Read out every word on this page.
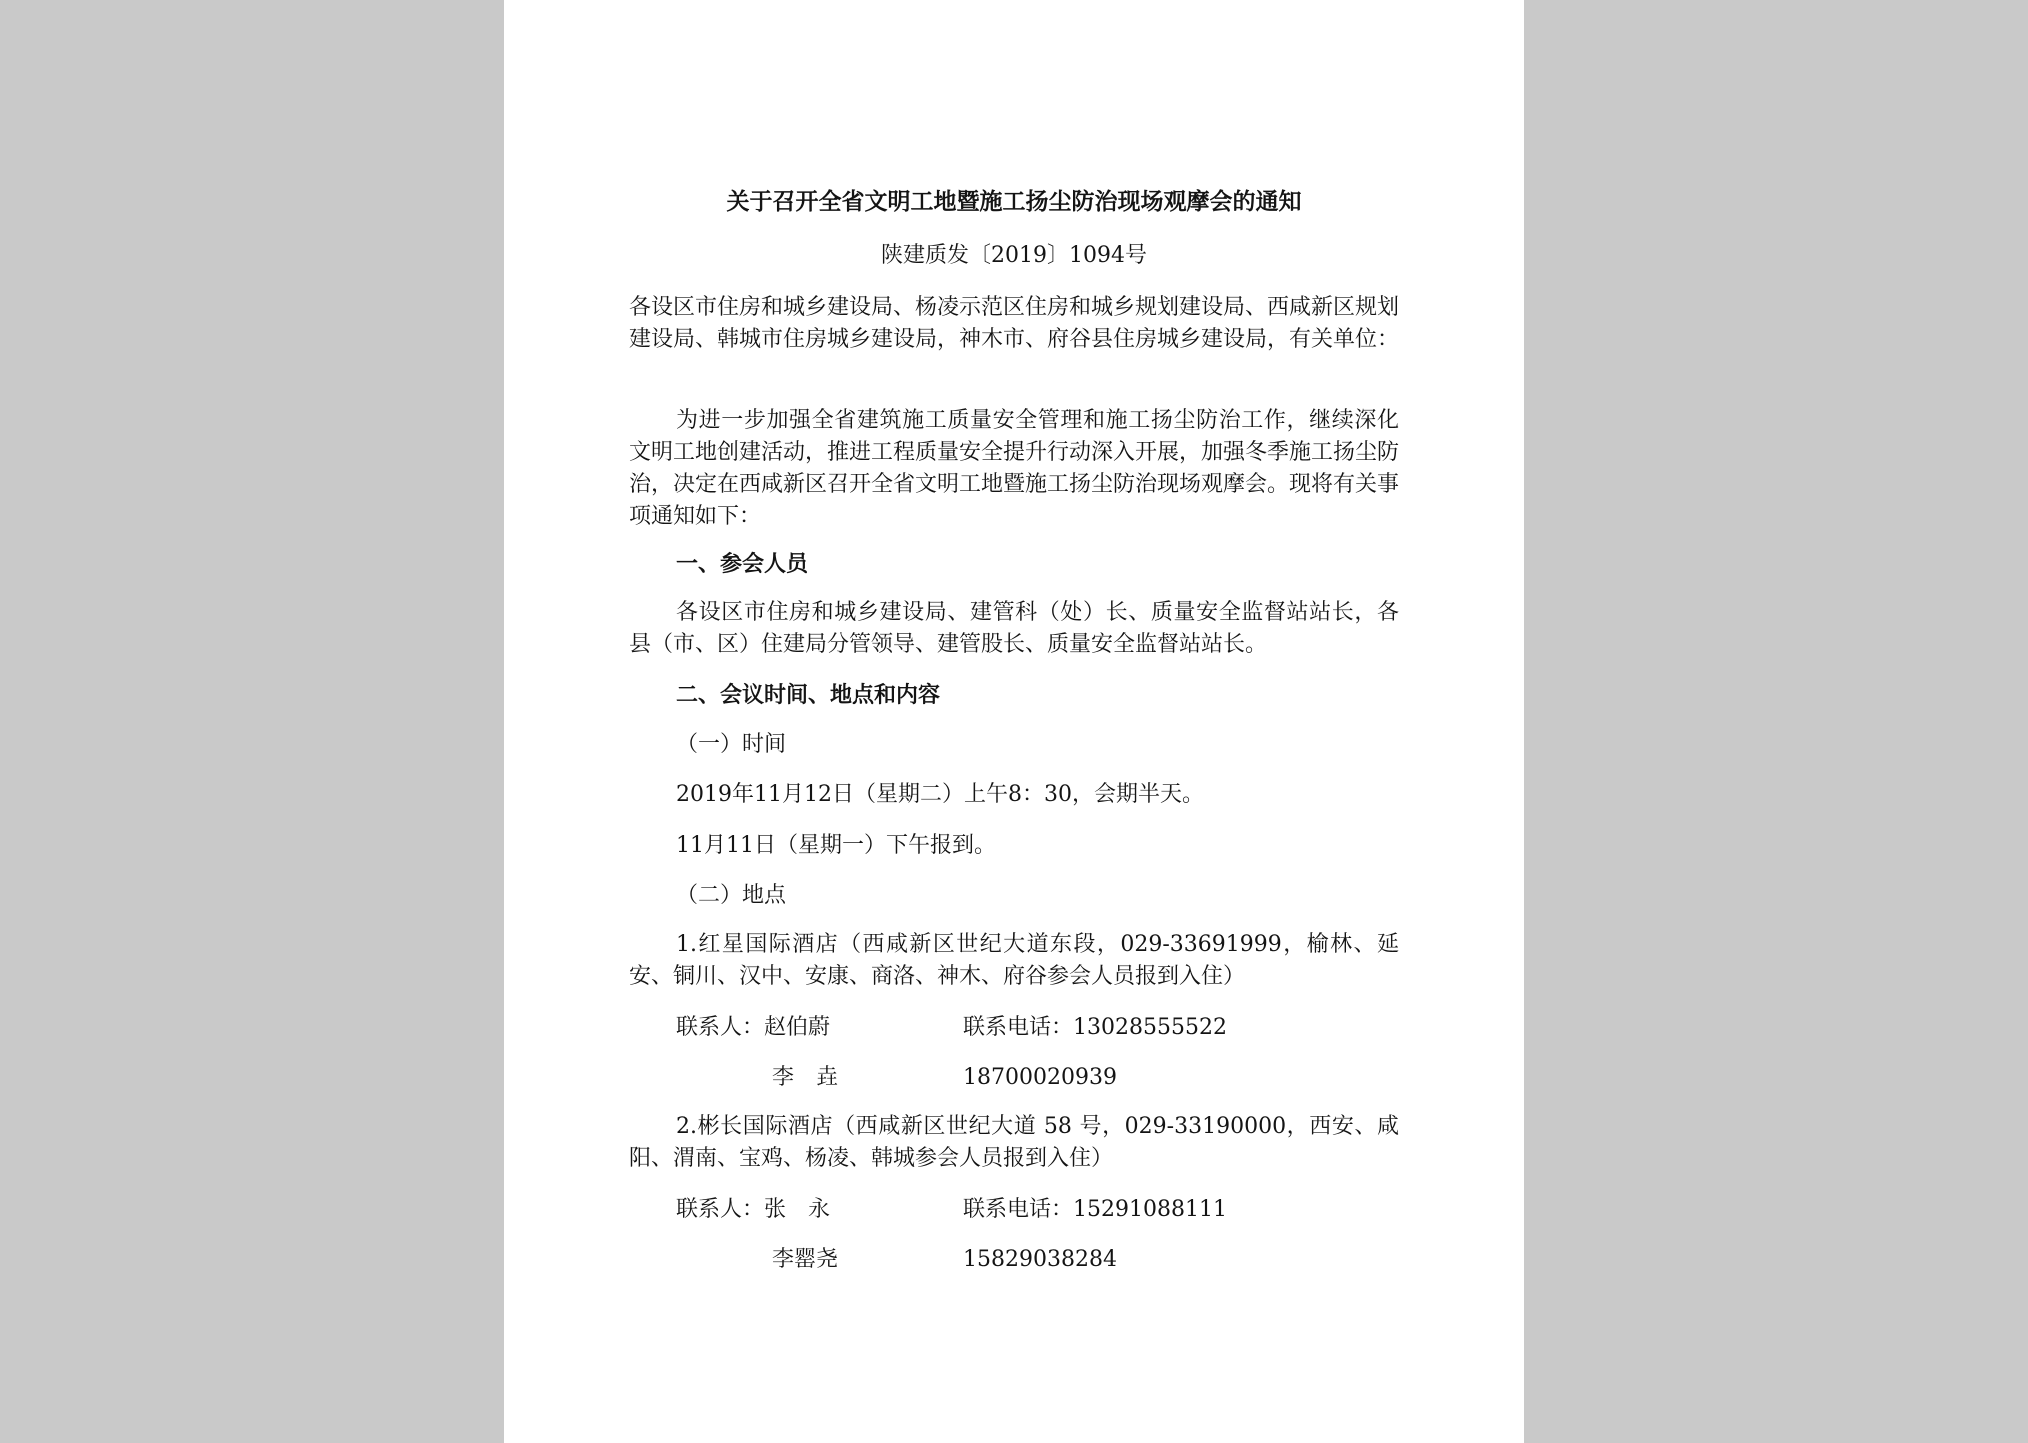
关于召开全省文明工地暨施工扬尘防治现场观摩会的通知
陕建质发〔2019〕1094号
各设区市住房和城乡建设局、杨凌示范区住房和城乡规划建设局、西咸新区规划建设局、韩城市住房城乡建设局，神木市、府谷县住房城乡建设局，有关单位：
为进一步加强全省建筑施工质量安全管理和施工扬尘防治工作，继续深化文明工地创建活动，推进工程质量安全提升行动深入开展，加强冬季施工扬尘防治，决定在西咸新区召开全省文明工地暨施工扬尘防治现场观摩会。现将有关事项通知如下：
一、参会人员
各设区市住房和城乡建设局、建管科（处）长、质量安全监督站站长，各县（市、区）住建局分管领导、建管股长、质量安全监督站站长。
二、会议时间、地点和内容
（一）时间
2019年11月12日（星期二）上午8：30，会期半天。
11月11日（星期一）下午报到。
（二）地点
1.红星国际酒店（西咸新区世纪大道东段，029-33691999，榆林、延安、铜川、汉中、安康、商洛、神木、府谷参会人员报到入住）
联系人：赵伯蔚	联系电话：13028555522
李　垚	18700020939
2.彬长国际酒店（西咸新区世纪大道 58 号，029-33190000，西安、咸阳、渭南、宝鸡、杨凌、韩城参会人员报到入住）
联系人：张　永	联系电话：15291088111
李罂尧	15829038284
